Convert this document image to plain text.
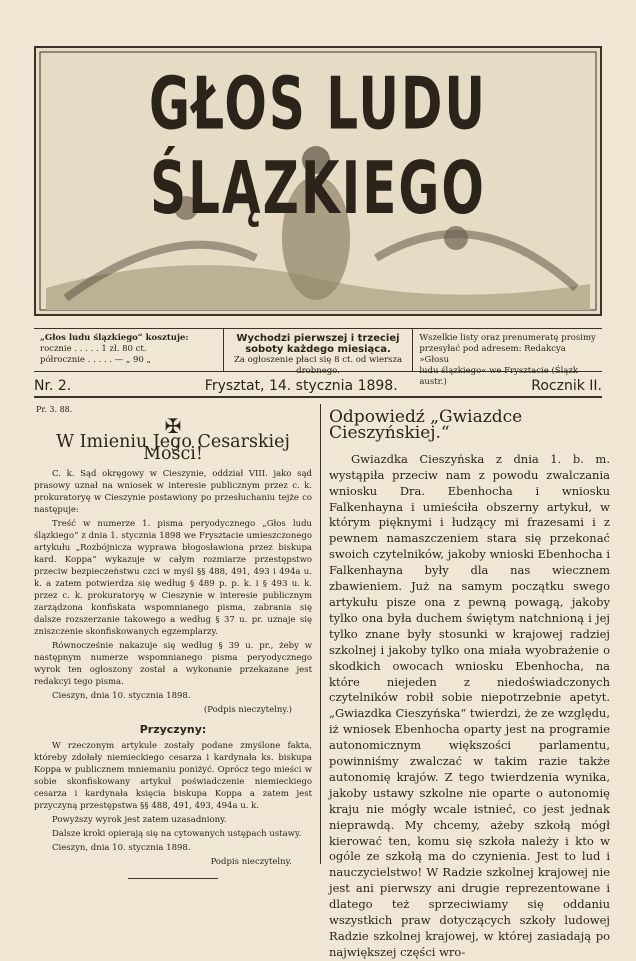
GŁOS LUDU ŚLĄZKIEGO
„Głos ludu ślązkiego“ kosztuje:
rocznie . . . . . 1 zł. 80 ct.
półrocznie . . . . . — „ 90 „
Wychodzi pierwszej i trzeciej
soboty każdego miesiąca.
Za ogłoszenie płaci się 8 ct. od wiersza drobnego.
Wszelkie listy oraz prenumeratę prosimy
przesyłać pod adresem: Redakcya »Głosu
ludu ślązkiego« we Frysztacie (Ślązk austr.)
Nr. 2.	Frysztat, 14. stycznia 1898.	Rocznik II.
Pr. 3. 88.
✠
W Imieniu Jego Cesarskiej Mości!

C. k. Sąd okręgowy w Cieszynie, oddział VIII. jako sąd prasowy uznał na wniosek w interesie publicznym przez c. k. prokuratoryę w Cieszynie postawiony po przesłuchaniu tejże co następuje:

Treść w numerze 1. pisma peryodycznego „Głos ludu ślązkiego“ z dnia 1. stycznia 1898 we Frysztacie umieszczonego artykułu „Rozbójnicza wyprawa błogosławiona przez biskupa kard. Koppa“ wykazuje w całym rozmiarze przestępstwo przeciw bezpieczeństwu czci w myśl §§ 488, 491, 493 i 494a u. k. a zatem potwierdza się według § 489 p. p. k. i § 493 u. k. przez c. k. prokuratoryę w Cieszynie w interesie publicznym zarządzona konfiskata wspomnianego pisma, zabrania się dalsze rozszerzanie takowego a według § 37 u. pr. uznaje się zniszczenie skonfiskowanych egzemplarzy.

Równocześnie nakazuje się według § 39 u. pr., żeby w następnym numerze wspomnianego pisma peryodycznego wyrok ten ogłoszony został a wykonanie przekazane jest redakcyi tego pisma.

Cieszyn, dnia 10. stycznia 1898.

(Podpis nieczytelny.)
Przyczyny:

W rzeczonym artykule zostały podane zmyślone fakta, któreby zdołały niemieckiego cesarza i kardynała ks. biskupa Koppa w publicznem mniemaniu poniżyć. Oprócz tego mieści w sobie skonfiskowany artykuł poświadczenie niemieckiego cesarza i kardynała księcia biskupa Koppa a zatem jest przyczyną przestępstwa §§ 488, 491, 493, 494a u. k.

Powyższy wyrok jest zatem uzasadniony.

Dalsze kroki opierają się na cytowanych ustępach ustawy.

Cieszyn, dnia 10. stycznia 1898.

Podpis nieczytelny.
Odpowiedź „Gwiazdce Cieszyńskiej.“

Gwiazdka Cieszyńska z dnia 1. b. m. wystąpiła przeciw nam z powodu zwalczania wniosku Dra. Ebenhocha i wniosku Falkenhayna i umieściła obszerny artykuł, w którym pięknymi i łudzący mi frazesami i z pewnem namaszczeniem stara się przekonać swoich czytelników, jakoby wnioski Ebenhocha i Falkenhayna były dla nas wiecznem zbawieniem. Już na samym początku swego artykułu pisze ona z pewną powagą, jakoby tylko ona była duchem świętym natchnioną i jej tylko znane były stosunki w krajowej radziej szkolnej i jakoby tylko ona miała wyobrażenie o skodkich owocach wniosku Ebenhocha, na które niejeden z niedoświadczonych czytelników robił sobie niepotrzebnie apetyt. „Gwiazdka Cieszyńska“ twierdzi, że ze względu, iż wniosek Ebenhocha oparty jest na programie autonomicznym większości parlamentu, powinniśmy zwalczać w takim razie także autonomię krajów. Z tego twierdzenia wynika, jakoby ustawy szkolne nie oparte o autonomię kraju nie mógły wcale istnieć, co jest jednak nieprawdą. My chcemy, ażeby szkołą mógł kierować ten, komu się szkoła należy i kto w ogóle ze szkołą ma do czynienia. Jest to lud i nauczycielstwo! W Radzie szkolnej krajowej nie jest ani pierwszy ani drugie reprezentowane i dlatego też sprzeciwiamy się oddaniu wszystkich praw dotyczących szkoły ludowej Radzie szkolnej krajowej, w której zasiadają po największej części wro-
